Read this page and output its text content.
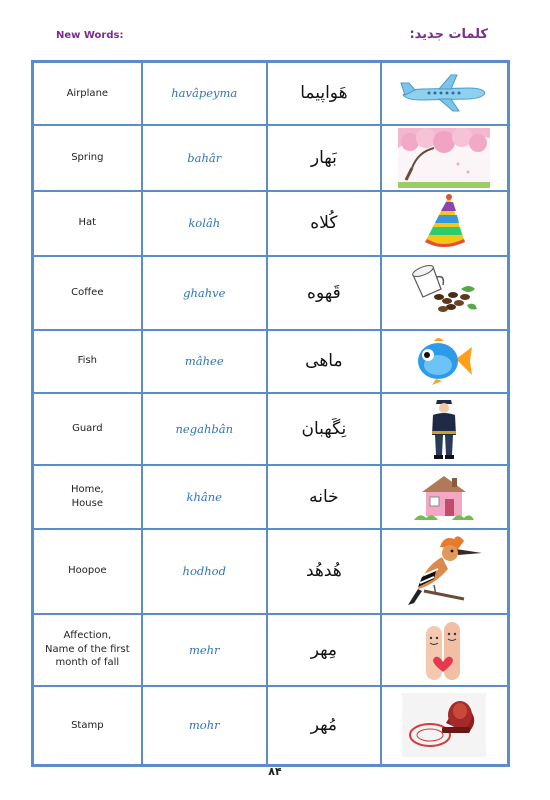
New Words:	کلمات جدید:
Airplane	havâpeyma	هَواپیما	

Spring	bahâr	بَهار	

Hat	kolâh	کُلاه	

Coffee	ghahve	قَهوه	

Fish	mâhee	ماهی	

Guard	negahbân	نِگَهبان	

Home,
House	khâne	خانه	

Hoopoe	hodhod	هُدهُد	

Affection,
Name of the first
month of fall	mehr	مِهر	

Stamp	mohr	مُهر	
۸۴
